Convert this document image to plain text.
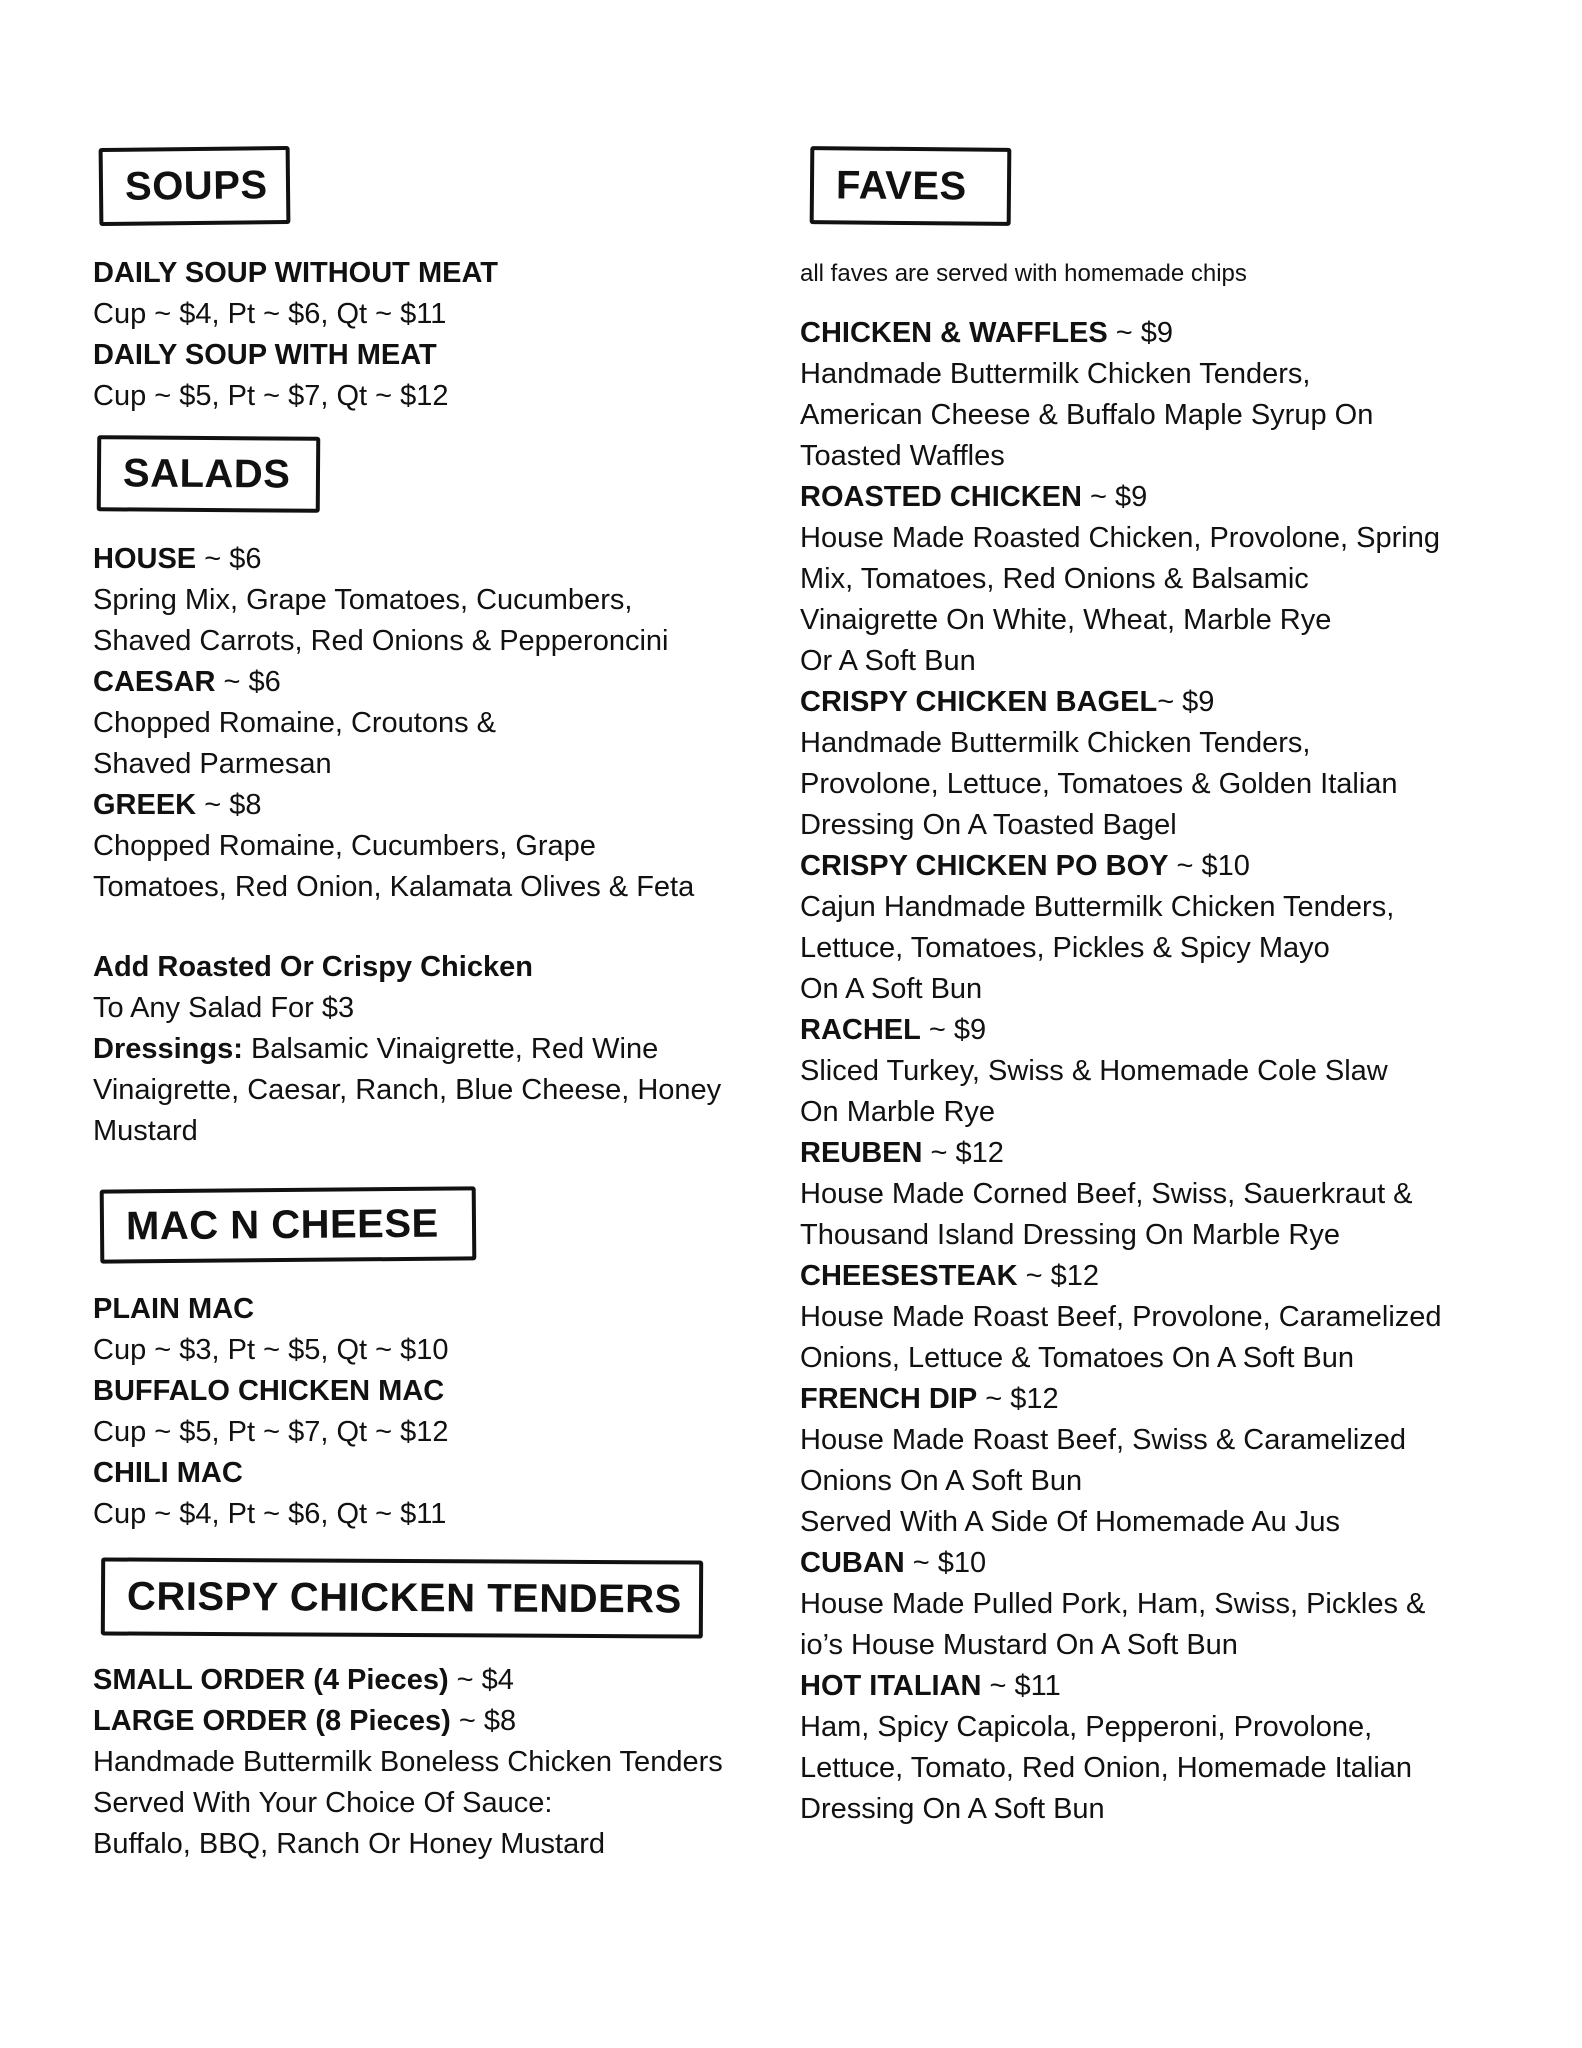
SOUPS
DAILY SOUP WITHOUT MEAT
Cup ~ $4, Pt ~ $6, Qt ~ $11
DAILY SOUP WITH MEAT
Cup ~ $5, Pt ~ $7, Qt ~ $12
SALADS
HOUSE ~ $6
Spring Mix, Grape Tomatoes, Cucumbers,
Shaved Carrots, Red Onions & Pepperoncini
CAESAR ~ $6
Chopped Romaine, Croutons &
Shaved Parmesan
GREEK ~ $8
Chopped Romaine, Cucumbers, Grape
Tomatoes, Red Onion, Kalamata Olives & Feta
Add Roasted Or Crispy Chicken
To Any Salad For $3
Dressings: Balsamic Vinaigrette, Red Wine
Vinaigrette, Caesar, Ranch, Blue Cheese, Honey
Mustard
MAC N CHEESE
PLAIN MAC
Cup ~ $3, Pt ~ $5, Qt ~ $10
BUFFALO CHICKEN MAC
Cup ~ $5, Pt ~ $7, Qt ~ $12
CHILI MAC
Cup ~ $4, Pt ~ $6, Qt ~ $11
CRISPY CHICKEN TENDERS
SMALL ORDER (4 Pieces) ~ $4
LARGE ORDER (8 Pieces) ~ $8
Handmade Buttermilk Boneless Chicken Tenders
Served With Your Choice Of Sauce:
Buffalo, BBQ, Ranch Or Honey Mustard
FAVES
all faves are served with homemade chips
CHICKEN & WAFFLES ~ $9
Handmade Buttermilk Chicken Tenders,
American Cheese & Buffalo Maple Syrup On
Toasted Waffles
ROASTED CHICKEN ~ $9
House Made Roasted Chicken, Provolone, Spring
Mix, Tomatoes, Red Onions & Balsamic
Vinaigrette On White, Wheat, Marble Rye
Or A Soft Bun
CRISPY CHICKEN BAGEL~ $9
Handmade Buttermilk Chicken Tenders,
Provolone, Lettuce, Tomatoes & Golden Italian
Dressing On A Toasted Bagel
CRISPY CHICKEN PO BOY ~ $10
Cajun Handmade Buttermilk Chicken Tenders,
Lettuce, Tomatoes, Pickles & Spicy Mayo
On A Soft Bun
RACHEL ~ $9
Sliced Turkey, Swiss & Homemade Cole Slaw
On Marble Rye
REUBEN ~ $12
House Made Corned Beef, Swiss, Sauerkraut &
Thousand Island Dressing On Marble Rye
CHEESESTEAK ~ $12
House Made Roast Beef, Provolone, Caramelized
Onions, Lettuce & Tomatoes On A Soft Bun
FRENCH DIP ~ $12
House Made Roast Beef, Swiss & Caramelized
Onions On A Soft Bun
Served With A Side Of Homemade Au Jus
CUBAN ~ $10
House Made Pulled Pork, Ham, Swiss, Pickles &
io’s House Mustard On A Soft Bun
HOT ITALIAN ~ $11
Ham, Spicy Capicola, Pepperoni, Provolone,
Lettuce, Tomato, Red Onion, Homemade Italian
Dressing On A Soft Bun
